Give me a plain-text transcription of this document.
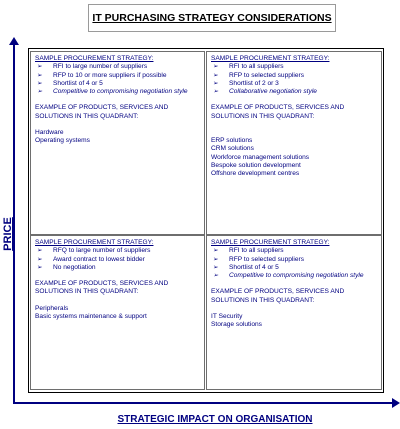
IT PURCHASING STRATEGY CONSIDERATIONS
PRICE
STRATEGIC IMPACT ON ORGANISATION
SAMPLE PROCUREMENT STRATEGY:
➢ RFI to large number of suppliers
➢ RFP to 10 or more suppliers if possible
➢ Shortlist of 4 or 5
➢ Competitive to compromising negotiation style
EXAMPLE OF PRODUCTS, SERVICES AND
SOLUTIONS IN THIS QUADRANT:
Hardware
Operating systems
SAMPLE PROCUREMENT STRATEGY:
➢ RFI to all suppliers
➢ RFP to selected suppliers
➢ Shortlist of 2 or 3
➢ Collaborative negotiation style
EXAMPLE OF PRODUCTS, SERVICES AND
SOLUTIONS IN THIS QUADRANT:
ERP solutions
CRM solutions
Workforce management solutions
Bespoke solution development
Offshore development centres
SAMPLE PROCUREMENT STRATEGY:
➢ RFQ to large number of suppliers
➢ Award contract to lowest bidder
➢ No negotiation
EXAMPLE OF PRODUCTS, SERVICES AND
SOLUTIONS IN THIS QUADRANT:
Peripherals
Basic systems maintenance & support
SAMPLE PROCUREMENT STRATEGY:
➢ RFI to all suppliers
➢ RFP to selected suppliers
➢ Shortlist of 4 or 5
➢ Competitive to compromising negotiation style
EXAMPLE OF PRODUCTS, SERVICES AND
SOLUTIONS IN THIS QUADRANT:
IT Security
Storage solutions
